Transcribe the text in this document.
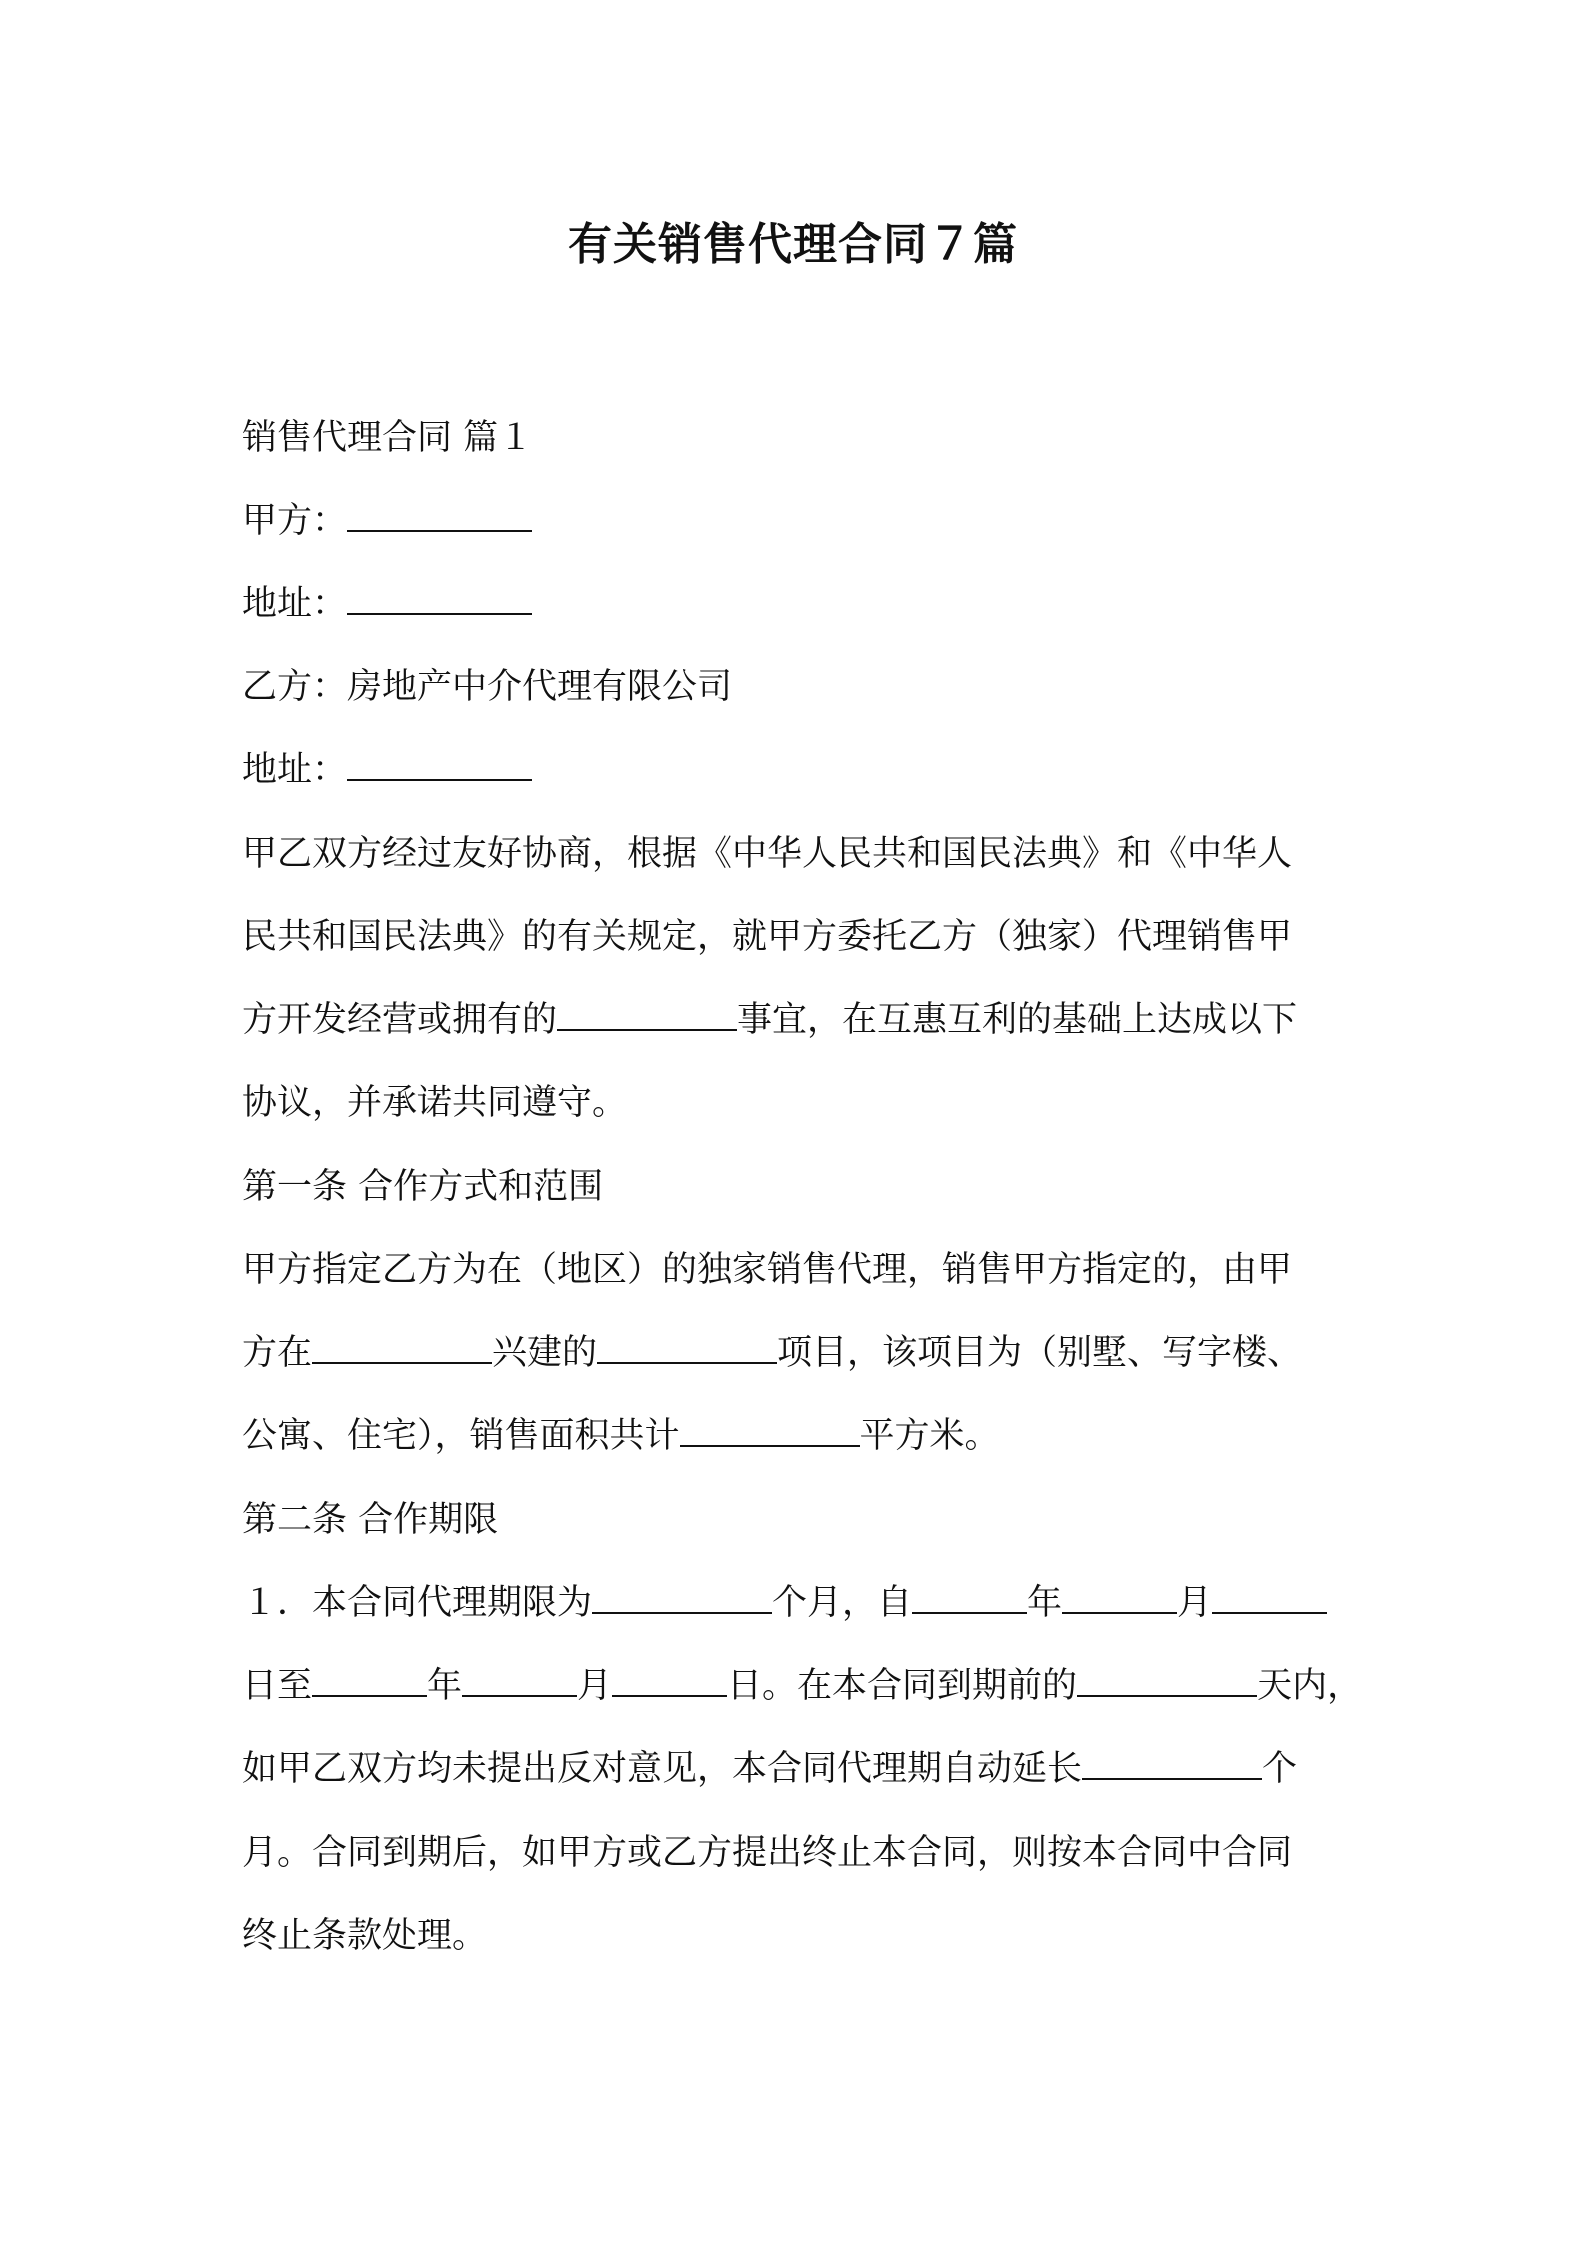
有关销售代理合同７篇
销售代理合同 篇１
甲方：
地址：
乙方：房地产中介代理有限公司
地址：
甲乙双方经过友好协商，根据《中华人民共和国民法典》和《中华人
民共和国民法典》的有关规定，就甲方委托乙方（独家）代理销售甲
方开发经营或拥有的	事宜，在互惠互利的基础上达成以下
协议，并承诺共同遵守。
第一条 合作方式和范围
甲方指定乙方为在（地区）的独家销售代理，销售甲方指定的，由甲
方在	兴建的	项目，该项目为（别墅、写字楼、
公寓、住宅），销售面积共计	平方米。
第二条 合作期限
１．本合同代理期限为	个月，自	年	月
日至	年	月	日。在本合同到期前的	天内，
如甲乙双方均未提出反对意见，本合同代理期自动延长	个
月。合同到期后，如甲方或乙方提出终止本合同，则按本合同中合同
终止条款处理。
